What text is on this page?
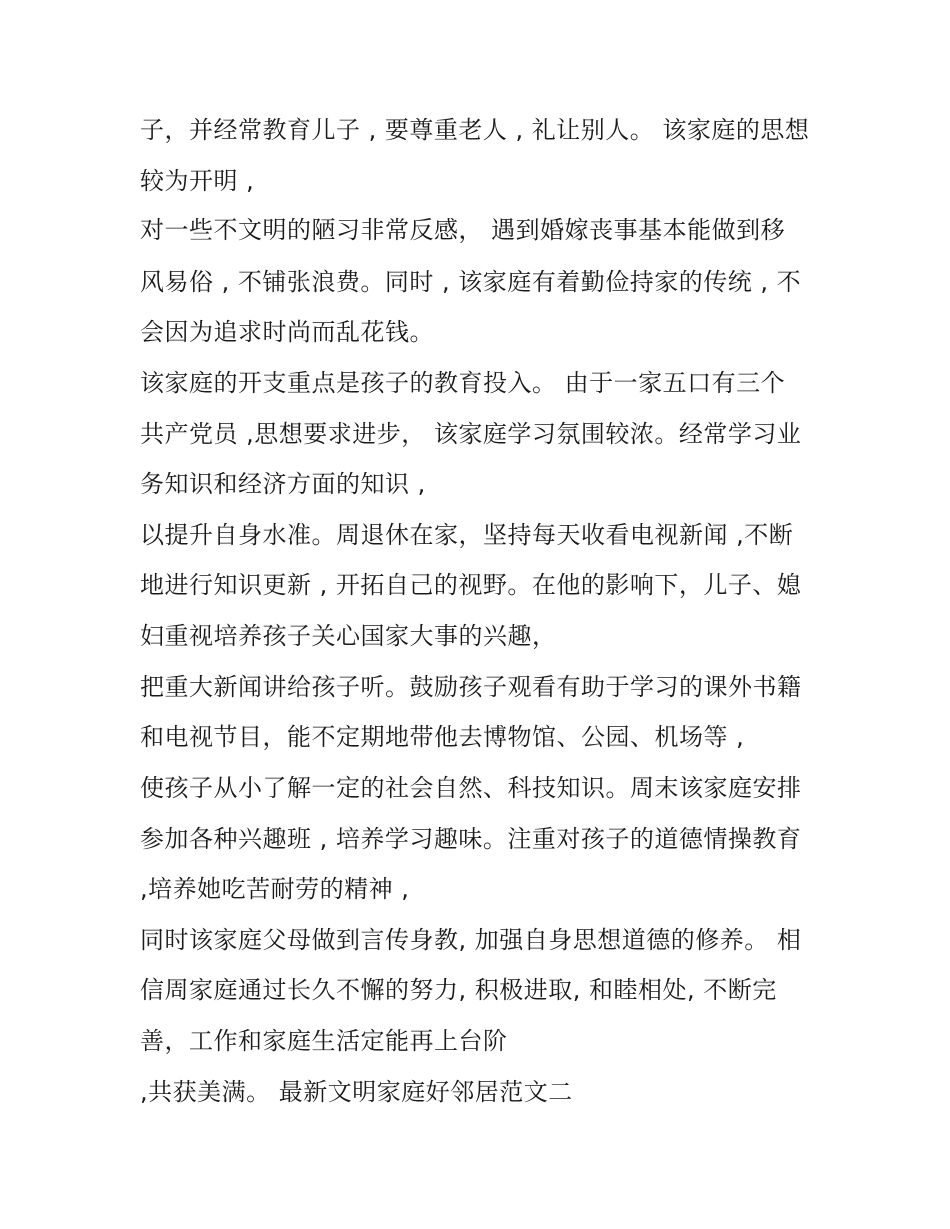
子，并经常教育儿子 , 要尊重老人 , 礼让别人。 该家庭的思想
较为开明 ,
对一些不文明的陋习非常反感， 遇到婚嫁丧事基本能做到移
风易俗 , 不铺张浪费。同时 , 该家庭有着勤俭持家的传统 , 不
会因为追求时尚而乱花钱。
该家庭的开支重点是孩子的教育投入。 由于一家五口有三个
共产党员 ,思想要求进步， 该家庭学习氛围较浓。经常学习业
务知识和经济方面的知识 ,
以提升自身水准。周退休在家，坚持每天收看电视新闻 ,不断
地进行知识更新 , 开拓自己的视野。在他的影响下，儿子、媳
妇重视培养孩子关心国家大事的兴趣，
把重大新闻讲给孩子听。鼓励孩子观看有助于学习的课外书籍
和电视节目，能不定期地带他去博物馆、公园、机场等 ,
使孩子从小了解一定的社会自然、科技知识。周末该家庭安排
参加各种兴趣班 , 培养学习趣味。注重对孩子的道德情操教育
,培养她吃苦耐劳的精神 ,
同时该家庭父母做到言传身教, 加强自身思想道德的修养。 相
信周家庭通过长久不懈的努力, 积极进取, 和睦相处, 不断完
善，工作和家庭生活定能再上台阶
,共获美满。 最新文明家庭好邻居范文二
